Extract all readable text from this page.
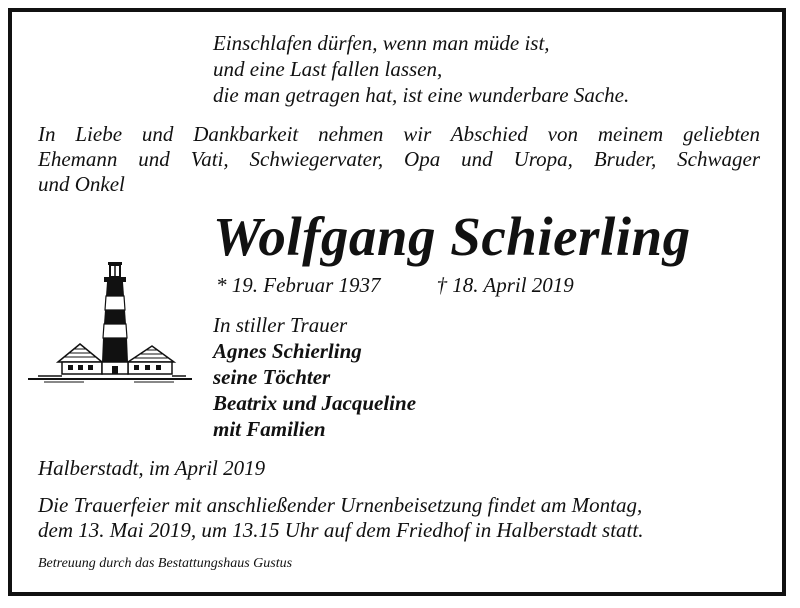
Einschlafen dürfen, wenn man müde ist,
und eine Last fallen lassen,
die man getragen hat, ist eine wunderbare Sache.
In Liebe und Dankbarkeit nehmen wir Abschied von meinem geliebten
Ehemann und Vati, Schwiegervater, Opa und Uropa, Bruder, Schwager
und Onkel
Wolfgang Schierling
* 19. Februar 1937	† 18. April 2019
In stiller Trauer
Agnes Schierling
seine Töchter
Beatrix und Jacqueline
mit Familien
Halberstadt, im April 2019
Die Trauerfeier mit anschließender Urnenbeisetzung findet am Montag,
dem 13. Mai 2019, um 13.15 Uhr auf dem Friedhof in Halberstadt statt.
Betreuung durch das Bestattungshaus Gustus
